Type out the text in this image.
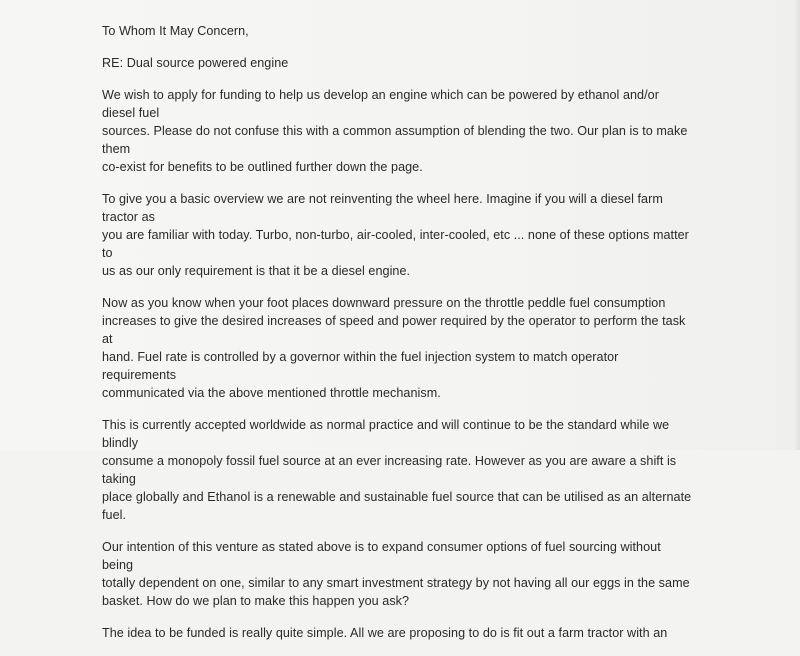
To Whom It May Concern,

RE: Dual source powered engine

We wish to apply for funding to help us develop an engine which can be powered by ethanol and/or diesel fuel
sources. Please do not confuse this with a common assumption of blending the two. Our plan is to make them
co-exist for benefits to be outlined further down the page.

To give you a basic overview we are not reinventing the wheel here. Imagine if you will a diesel farm tractor as
you are familiar with today. Turbo, non-turbo, air-cooled, inter-cooled, etc ... none of these options matter to
us as our only requirement is that it be a diesel engine.

Now as you know when your foot places downward pressure on the throttle peddle fuel consumption
increases to give the desired increases of speed and power required by the operator to perform the task at
hand. Fuel rate is controlled by a governor within the fuel injection system to match operator requirements
communicated via the above mentioned throttle mechanism.

This is currently accepted worldwide as normal practice and will continue to be the standard while we blindly
consume a monopoly fossil fuel source at an ever increasing rate. However as you are aware a shift is taking
place globally and Ethanol is a renewable and sustainable fuel source that can be utilised as an alternate fuel.

Our intention of this venture as stated above is to expand consumer options of fuel sourcing without being
totally dependent on one, similar to any smart investment strategy by not having all our eggs in the same
basket. How do we plan to make this happen you ask?

The idea to be funded is really quite simple. All we are proposing to do is fit out a farm tractor with an
